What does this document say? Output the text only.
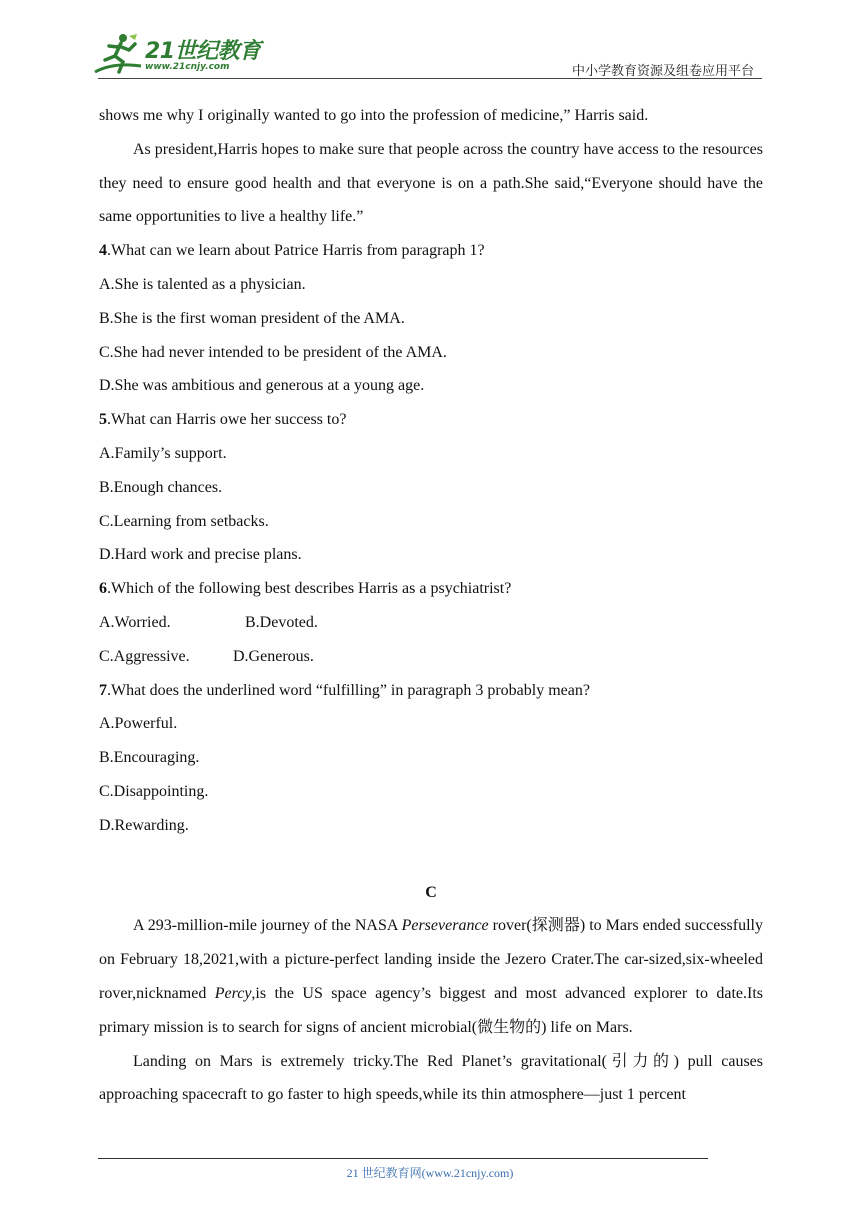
21世纪教育
www.21cnjy.com	中小学教育资源及组卷应用平台

shows me why I originally wanted to go into the profession of medicine,” Harris said.

As president,Harris hopes to make sure that people across the country have access to the resources they need to ensure good health and that everyone is on a path.She said,“Everyone should have the same opportunities to live a healthy life.”

4.What can we learn about Patrice Harris from paragraph 1?

A.She is talented as a physician.

B.She is the first woman president of the AMA.

C.She had never intended to be president of the AMA.

D.She was ambitious and generous at a young age.

5.What can Harris owe her success to?

A.Family’s support.

B.Enough chances.

C.Learning from setbacks.

D.Hard work and precise plans.

6.Which of the following best describes Harris as a psychiatrist?

A.Worried.	B.Devoted.
C.Aggressive.	D.Generous.

7.What does the underlined word “fulfilling” in paragraph 3 probably mean?

A.Powerful.

B.Encouraging.

C.Disappointing.

D.Rewarding.

C

A 293-million-mile journey of the NASA Perseverance rover(探测器) to Mars ended successfully on February 18,2021,with a picture-perfect landing inside the Jezero Crater.The car-sized,six-wheeled rover,nicknamed Percy,is the US space agency’s biggest and most advanced explorer to date.Its primary mission is to search for signs of ancient microbial(微生物的) life on Mars.

Landing on Mars is extremely tricky.The Red Planet’s gravitational(引力的) pull causes approaching spacecraft to go faster to high speeds,while its thin atmosphere—just 1 percent

21 世纪教育网(www.21cnjy.com)
